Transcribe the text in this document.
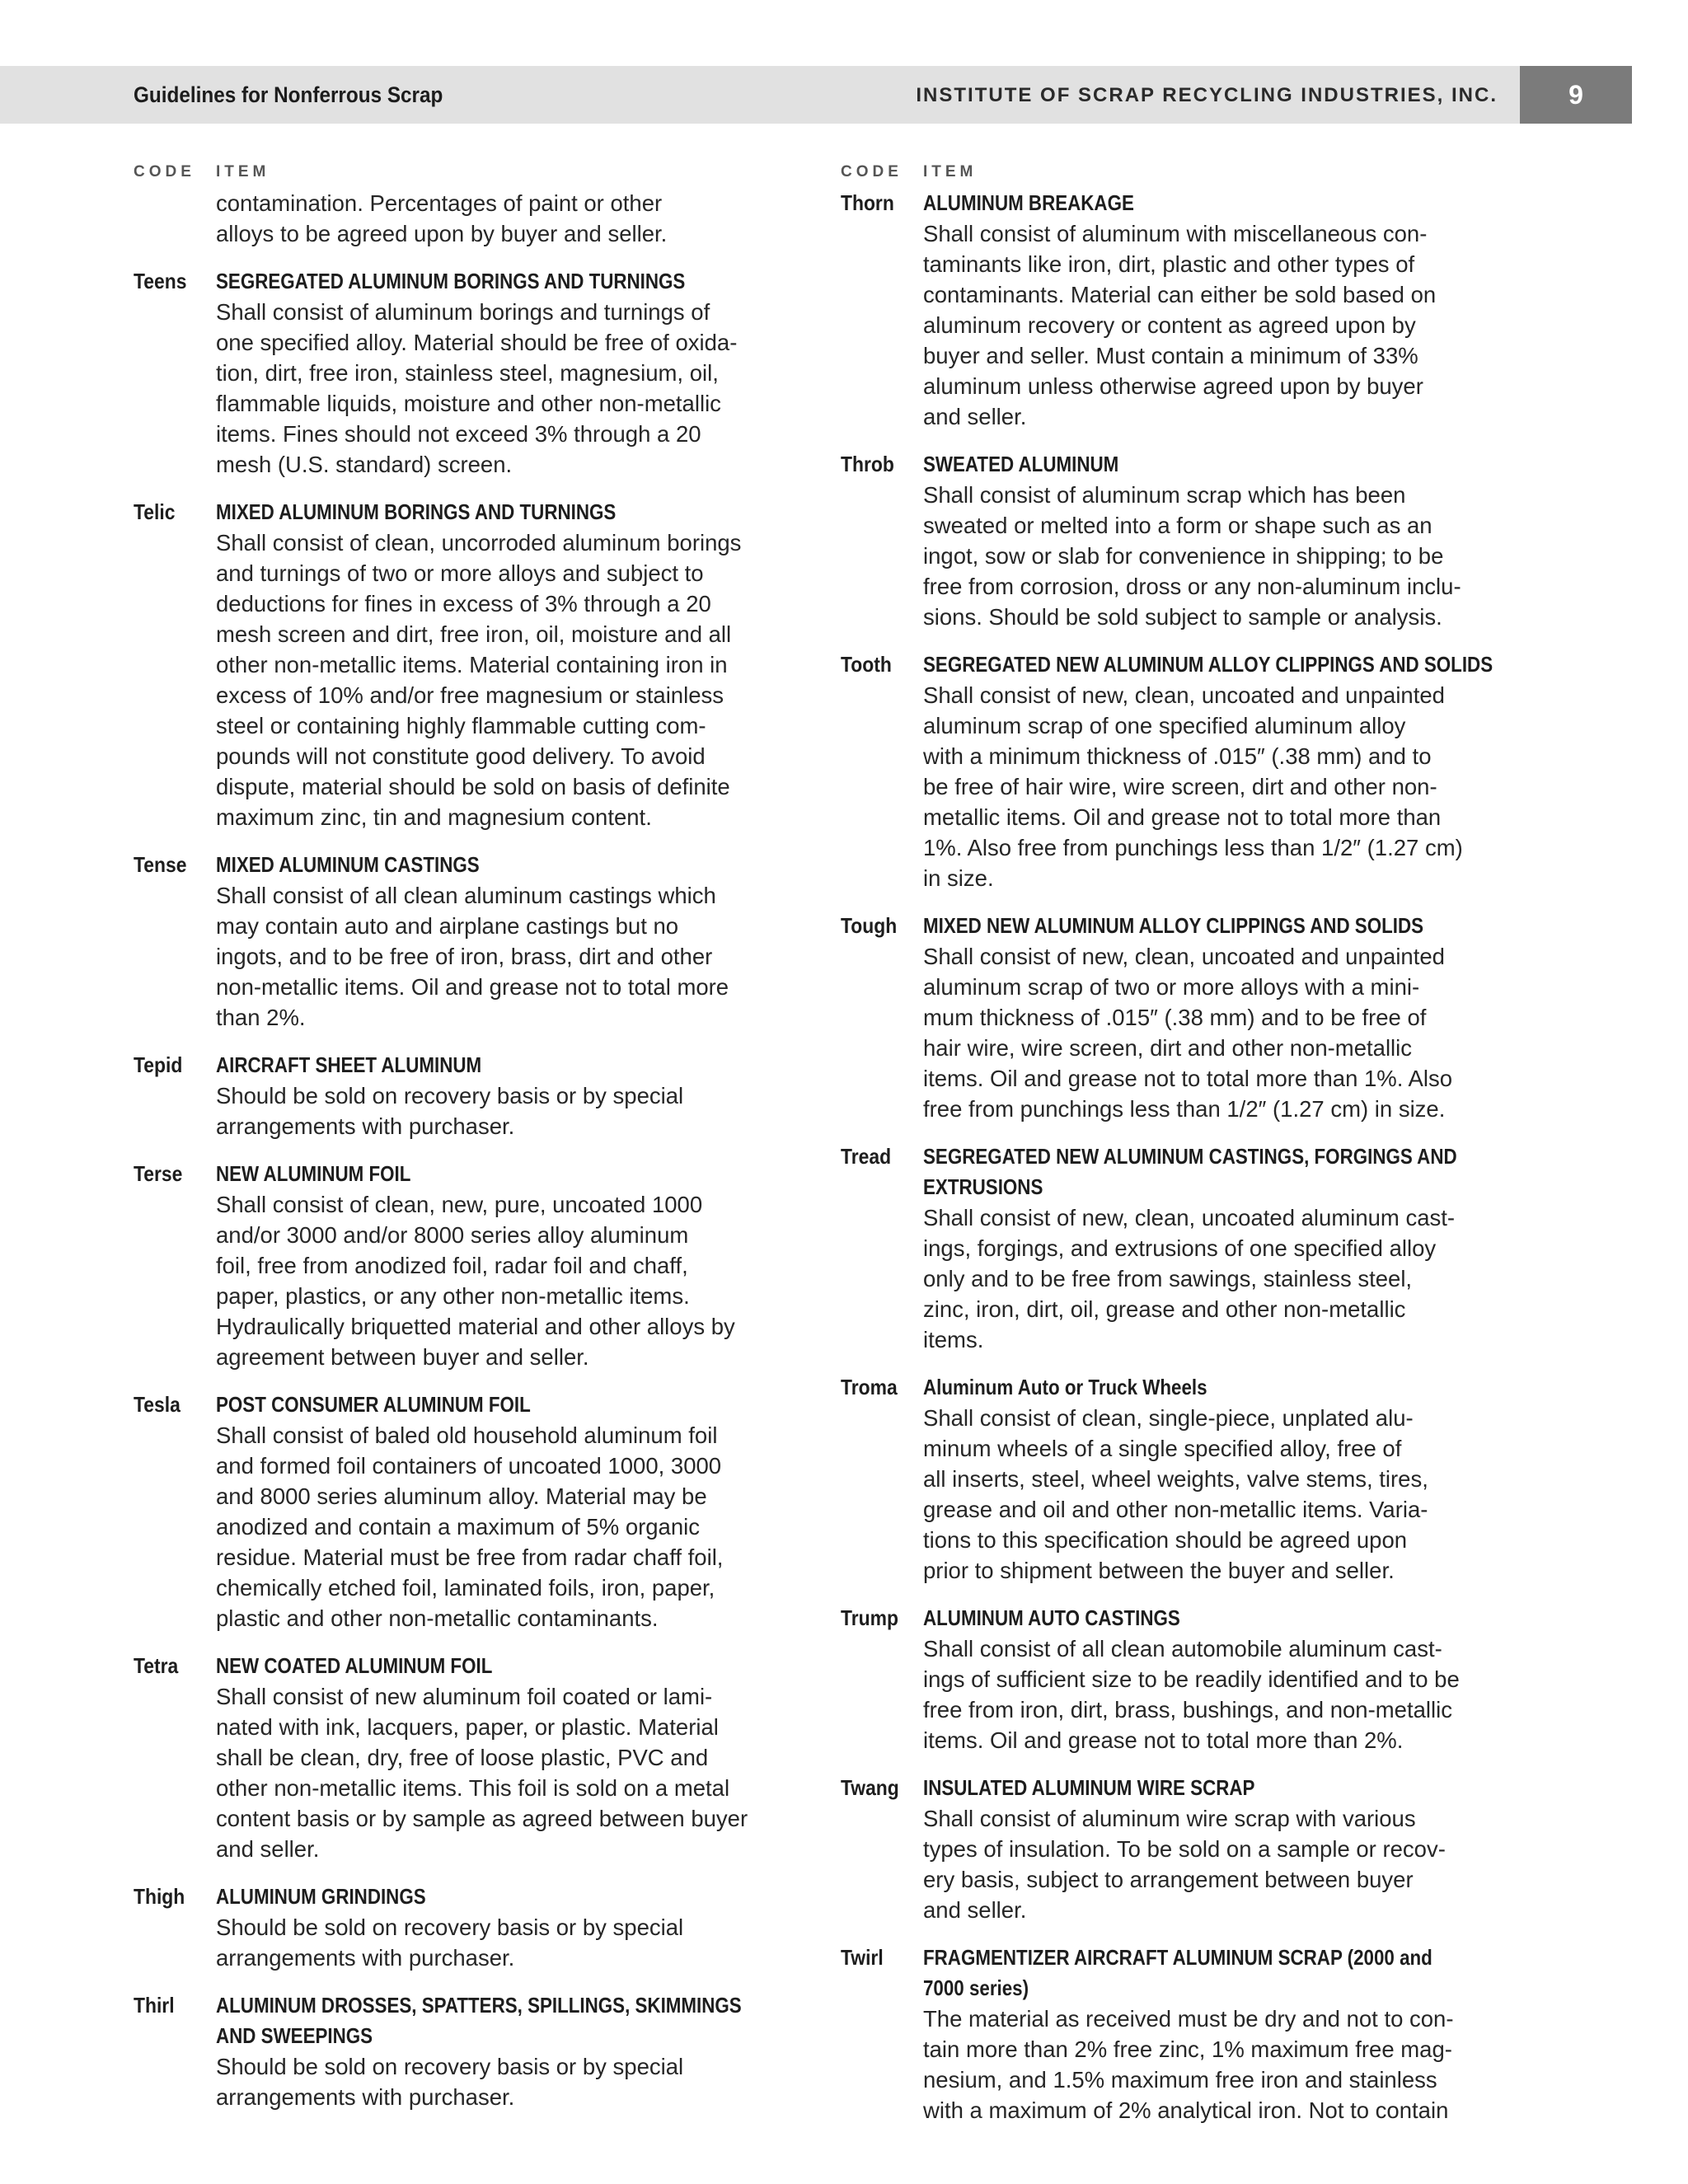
Guidelines for Nonferrous Scrap	INSTITUTE OF SCRAP RECYCLING INDUSTRIES, INC.	9
CODE ITEM
contamination. Percentages of paint or other
alloys to be agreed upon by buyer and seller.
Teens SEGREGATED ALUMINUM BORINGS AND TURNINGS
Shall consist of aluminum borings and turnings of
one specified alloy. Material should be free of oxida-
tion, dirt, free iron, stainless steel, magnesium, oil,
flammable liquids, moisture and other non-metallic
items. Fines should not exceed 3% through a 20
mesh (U.S. standard) screen.
Telic MIXED ALUMINUM BORINGS AND TURNINGS
Shall consist of clean, uncorroded aluminum borings
and turnings of two or more alloys and subject to
deductions for fines in excess of 3% through a 20
mesh screen and dirt, free iron, oil, moisture and all
other non-metallic items. Material containing iron in
excess of 10% and/or free magnesium or stainless
steel or containing highly flammable cutting com-
pounds will not constitute good delivery. To avoid
dispute, material should be sold on basis of definite
maximum zinc, tin and magnesium content.
Tense MIXED ALUMINUM CASTINGS
Shall consist of all clean aluminum castings which
may contain auto and airplane castings but no
ingots, and to be free of iron, brass, dirt and other
non-metallic items. Oil and grease not to total more
than 2%.
Tepid AIRCRAFT SHEET ALUMINUM
Should be sold on recovery basis or by special
arrangements with purchaser.
Terse NEW ALUMINUM FOIL
Shall consist of clean, new, pure, uncoated 1000
and/or 3000 and/or 8000 series alloy aluminum
foil, free from anodized foil, radar foil and chaff,
paper, plastics, or any other non-metallic items.
Hydraulically briquetted material and other alloys by
agreement between buyer and seller.
Tesla POST CONSUMER ALUMINUM FOIL
Shall consist of baled old household aluminum foil
and formed foil containers of uncoated 1000, 3000
and 8000 series aluminum alloy. Material may be
anodized and contain a maximum of 5% organic
residue. Material must be free from radar chaff foil,
chemically etched foil, laminated foils, iron, paper,
plastic and other non-metallic contaminants.
Tetra NEW COATED ALUMINUM FOIL
Shall consist of new aluminum foil coated or lami-
nated with ink, lacquers, paper, or plastic. Material
shall be clean, dry, free of loose plastic, PVC and
other non-metallic items. This foil is sold on a metal
content basis or by sample as agreed between buyer
and seller.
Thigh ALUMINUM GRINDINGS
Should be sold on recovery basis or by special
arrangements with purchaser.
Thirl ALUMINUM DROSSES, SPATTERS, SPILLINGS, SKIMMINGS
AND SWEEPINGS
Should be sold on recovery basis or by special
arrangements with purchaser.
CODE ITEM
Thorn ALUMINUM BREAKAGE
Shall consist of aluminum with miscellaneous con-
taminants like iron, dirt, plastic and other types of
contaminants. Material can either be sold based on
aluminum recovery or content as agreed upon by
buyer and seller. Must contain a minimum of 33%
aluminum unless otherwise agreed upon by buyer
and seller.
Throb SWEATED ALUMINUM
Shall consist of aluminum scrap which has been
sweated or melted into a form or shape such as an
ingot, sow or slab for convenience in shipping; to be
free from corrosion, dross or any non-aluminum inclu-
sions. Should be sold subject to sample or analysis.
Tooth SEGREGATED NEW ALUMINUM ALLOY CLIPPINGS AND SOLIDS
Shall consist of new, clean, uncoated and unpainted
aluminum scrap of one specified aluminum alloy
with a minimum thickness of .015″ (.38 mm) and to
be free of hair wire, wire screen, dirt and other non-
metallic items. Oil and grease not to total more than
1%. Also free from punchings less than 1/2″ (1.27 cm)
in size.
Tough MIXED NEW ALUMINUM ALLOY CLIPPINGS AND SOLIDS
Shall consist of new, clean, uncoated and unpainted
aluminum scrap of two or more alloys with a mini-
mum thickness of .015″ (.38 mm) and to be free of
hair wire, wire screen, dirt and other non-metallic
items. Oil and grease not to total more than 1%. Also
free from punchings less than 1/2″ (1.27 cm) in size.
Tread SEGREGATED NEW ALUMINUM CASTINGS, FORGINGS AND
EXTRUSIONS
Shall consist of new, clean, uncoated aluminum cast-
ings, forgings, and extrusions of one specified alloy
only and to be free from sawings, stainless steel,
zinc, iron, dirt, oil, grease and other non-metallic
items.
Troma Aluminum Auto or Truck Wheels
Shall consist of clean, single-piece, unplated alu-
minum wheels of a single specified alloy, free of
all inserts, steel, wheel weights, valve stems, tires,
grease and oil and other non-metallic items. Varia-
tions to this specification should be agreed upon
prior to shipment between the buyer and seller.
Trump ALUMINUM AUTO CASTINGS
Shall consist of all clean automobile aluminum cast-
ings of sufficient size to be readily identified and to be
free from iron, dirt, brass, bushings, and non-metallic
items. Oil and grease not to total more than 2%.
Twang INSULATED ALUMINUM WIRE SCRAP
Shall consist of aluminum wire scrap with various
types of insulation. To be sold on a sample or recov-
ery basis, subject to arrangement between buyer
and seller.
Twirl FRAGMENTIZER AIRCRAFT ALUMINUM SCRAP (2000 and
7000 series)
The material as received must be dry and not to con-
tain more than 2% free zinc, 1% maximum free mag-
nesium, and 1.5% maximum free iron and stainless
with a maximum of 2% analytical iron. Not to contain
